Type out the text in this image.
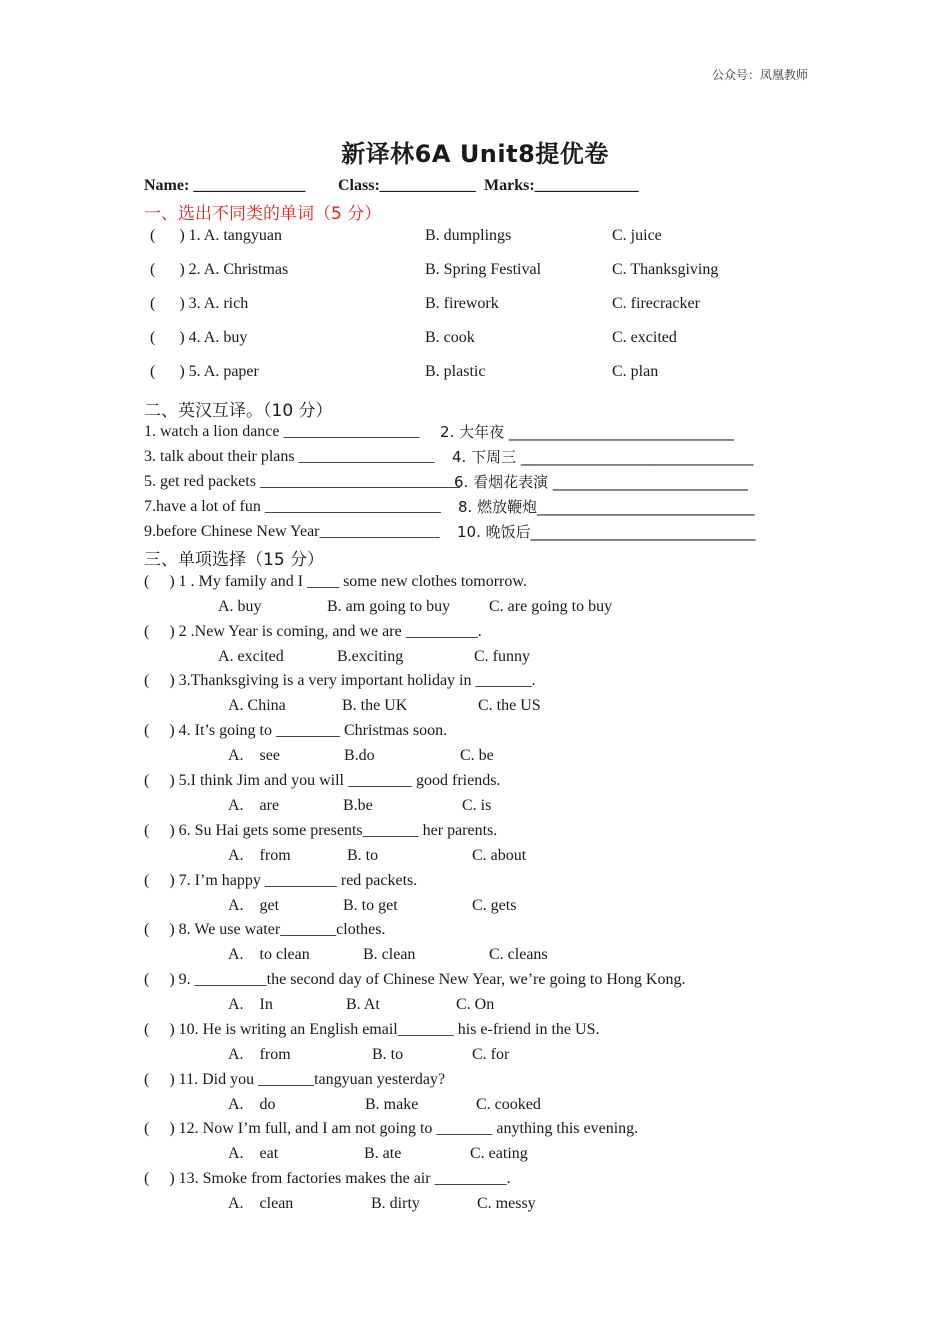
公众号：凤凰教师
新译林6A Unit8提优卷
Name: ______________ Class:____________ Marks:_____________
一、选出不同类的单词（5 分）
(      ) 1. A. tangyuan	B. dumplings	C. juice
(      ) 2. A. Christmas	B. Spring Festival	C. Thanksgiving
(      ) 3. A. rich	B. firework	C. firecracker
(      ) 4. A. buy	B. cook	C. excited
(      ) 5. A. paper	B. plastic	C. plan
二、英汉互译。（10 分）
1. watch a lion dance _________________ 2. 大年夜 ______________________________
3. talk about their plans _________________ 4. 下周三 _______________________________
5. get red packets _________________________
6. 看烟花表演 __________________________
7.have a lot of fun ______________________ 8. 燃放鞭炮_____________________________
9.before Chinese New Year_______________ 10. 晚饭后______________________________
三、单项选择（15 分）
(     ) 1 . My family and I ____ some new clothes tomorrow.
A. buy	B. am going to buy C. are going to buy
(     ) 2 .New Year is coming, and we are _________.
A. excited	B.exciting	C. funny
(     ) 3.Thanksgiving is a very important holiday in _______.
A. China	B. the UK	C. the US
(     ) 4. It’s going to ________ Christmas soon.
A.    see	B.do	C. be
(     ) 5.I think Jim and you will ________ good friends.
A.    are	B.be	C. is
(     ) 6. Su Hai gets some presents_______ her parents.
A.    from	B. to	C. about
(     ) 7. I’m happy _________ red packets.
A.    get	B. to get	C. gets
(     ) 8. We use water_______clothes.
A.    to clean	B. clean	C. cleans
(     ) 9. _________the second day of Chinese New Year, we’re going to Hong Kong.
A.    In	B. At	C. On
(     ) 10. He is writing an English email_______ his e-friend in the US.
A.    from	B. to	C. for
(     ) 11. Did you _______tangyuan yesterday?
A.    do	B. make	C. cooked
(     ) 12. Now I’m full, and I am not going to _______ anything this evening.
A.    eat	B. ate	C. eating
(     ) 13. Smoke from factories makes the air _________.
A.    clean	B. dirty	C. messy
